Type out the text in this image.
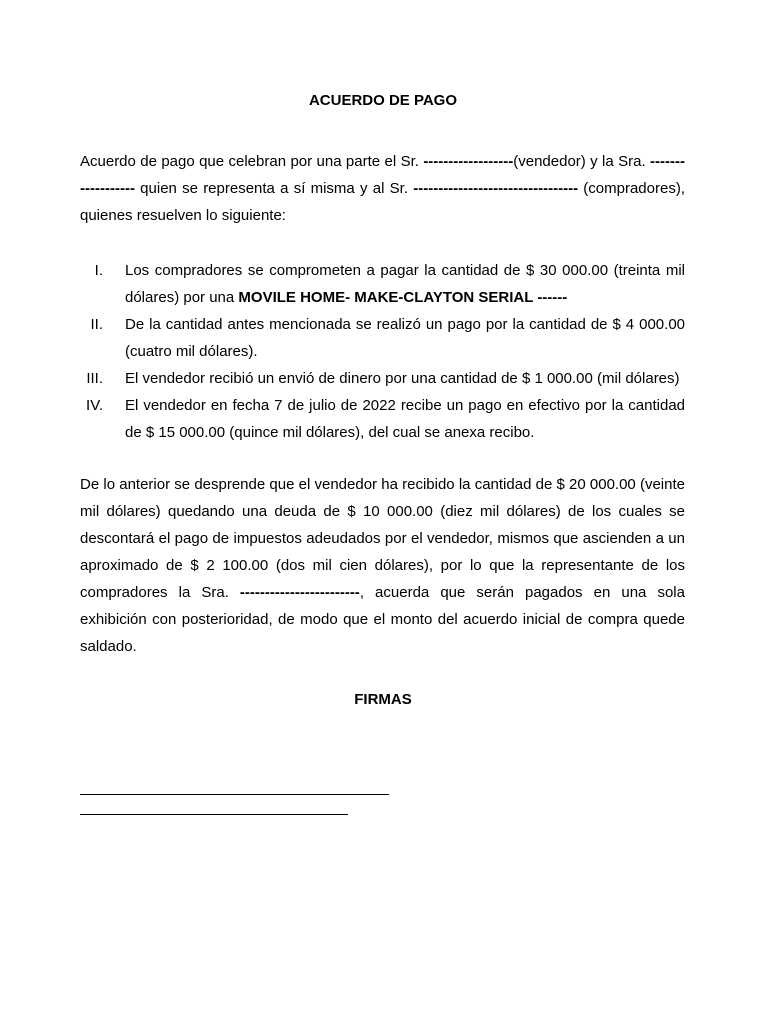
ACUERDO DE PAGO
Acuerdo de pago que celebran por una parte el Sr. ------------------(vendedor) y la Sra. ------------------ quien se representa a sí misma y al Sr. --------------------------------- (compradores), quienes resuelven lo siguiente:
I. Los compradores se comprometen a pagar la cantidad de $ 30 000.00 (treinta mil dólares) por una MOVILE HOME- MAKE-CLAYTON SERIAL ------
II. De la cantidad antes mencionada se realizó un pago por la cantidad de $ 4 000.00 (cuatro mil dólares).
III. El vendedor recibió un envió de dinero por una cantidad de $ 1 000.00 (mil dólares)
IV. El vendedor en fecha 7 de julio de 2022 recibe un pago en efectivo por la cantidad de $ 15 000.00 (quince mil dólares), del cual se anexa recibo.
De lo anterior se desprende que el vendedor ha recibido la cantidad de $ 20 000.00 (veinte mil dólares) quedando una deuda de $ 10 000.00 (diez mil dólares) de los cuales se descontará el pago de impuestos adeudados por el vendedor, mismos que ascienden a un aproximado de $ 2 100.00 (dos mil cien dólares), por lo que la representante de los compradores la Sra. ------------------------, acuerda que serán pagados en una sola exhibición con posterioridad, de modo que el monto del acuerdo inicial de compra quede saldado.
FIRMAS
